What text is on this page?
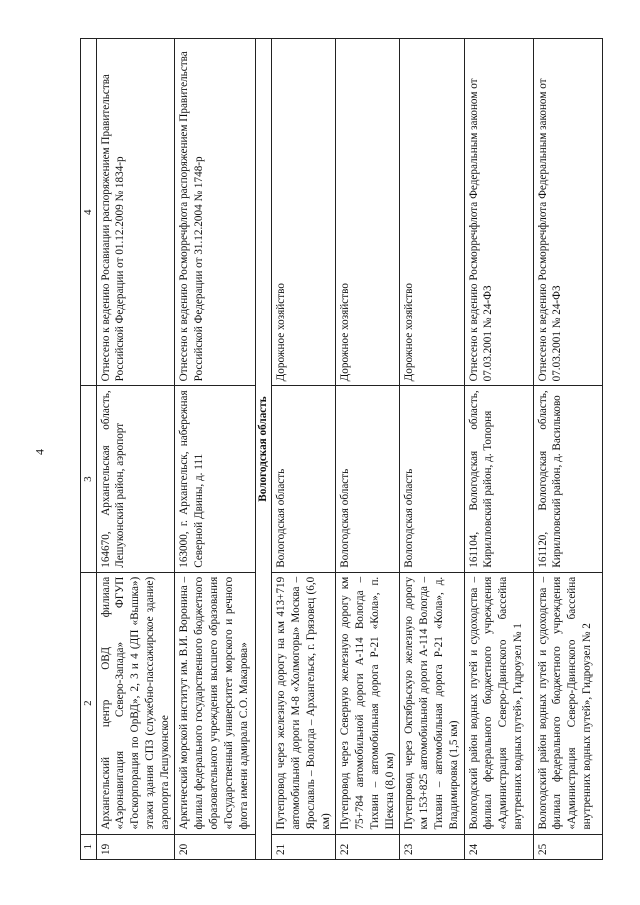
4
1	2	3	4
19	Архангельский центр ОВД филиала «Аэронавигация Северо-Запада» ФГУП «Госкорпорация по ОрВД», 2, 3 и 4 (ДП «Вышка») этажи здания СПЗ (служебно-пассажирское здание) аэропорта Лешуконское	164670, Архангельская область, Лешуконский район, аэропорт	Отнесено к ведению Росавиации распоряжением Правительства Российской Федерации от 01.12.2009 № 1834-р
20	Арктический морской институт им. В.И. Воронина – филиал федерального государственного бюджетного образовательного учреждения высшего образования «Государственный университет морского и речного флота имени адмирала С.О. Макарова»	163000, г. Архангельск, набережная Северной Двины, д. 111	Отнесено к ведению Росморречфлота распоряжением Правительства Российской Федерации от 31.12.2004 № 1748-р
Вологодская область			
21	Путепровод через железную дорогу на км 413+719 автомобильной дороги М-8 «Холмогоры» Москва – Ярославль – Вологда – Архангельск, г. Грязовец (6,0 км)	Вологодская область	Дорожное хозяйство
22	Путепровод через Северную железную дорогу км 75+784 автомобильной дороги А-114 Вологда – Тихвин – автомобильная дорога Р-21 «Кола», п. Шексна (8,0 км)	Вологодская область	Дорожное хозяйство
23	Путепровод через Октябрьскую железную дорогу км 153+825 автомобильной дороги А-114 Вологда – Тихвин – автомобильная дорога Р-21 «Кола», д. Владимировка (1,5 км)	Вологодская область	Дорожное хозяйство
24	Вологодский район водных путей и судоходства – филиал федерального бюджетного учреждения «Администрация Северо-Двинского бассейна внутренних водных путей», Гидроузел № 1	161104, Вологодская область, Кирилловский район, д. Топорня	Отнесено к ведению Росморречфлота Федеральным законом от 07.03.2001 № 24-ФЗ
25	Вологодский район водных путей и судоходства – филиал федерального бюджетного учреждения «Администрация Северо-Двинского бассейна внутренних водных путей», Гидроузел № 2	161120, Вологодская область, Кирилловский район, д. Васильково	Отнесено к ведению Росморречфлота Федеральным законом от 07.03.2001 № 24-ФЗ
